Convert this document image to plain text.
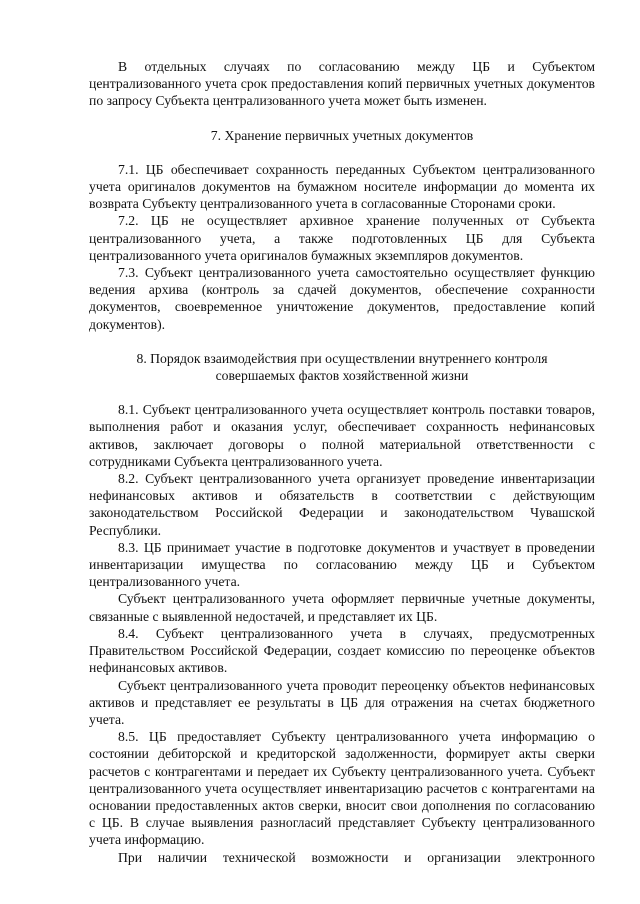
В отдельных случаях по согласованию между ЦБ и Субъектом централизованного учета срок предоставления копий первичных учетных документов по запросу Субъекта централизованного учета может быть изменен.

7. Хранение первичных учетных документов

7.1. ЦБ обеспечивает сохранность переданных Субъектом централизованного учета оригиналов документов на бумажном носителе информации до момента их возврата Субъекту централизованного учета в согласованные Сторонами сроки.

7.2. ЦБ не осуществляет архивное хранение полученных от Субъекта централизованного учета, а также подготовленных ЦБ для Субъекта централизованного учета оригиналов бумажных экземпляров документов.

7.3. Субъект централизованного учета самостоятельно осуществляет функцию ведения архива (контроль за сдачей документов, обеспечение сохранности документов, своевременное уничтожение документов, предоставление копий документов).

8. Порядок взаимодействия при осуществлении внутреннего контроля

совершаемых фактов хозяйственной жизни

8.1. Субъект централизованного учета осуществляет контроль поставки товаров, выполнения работ и оказания услуг, обеспечивает сохранность нефинансовых активов, заключает договоры о полной материальной ответственности с сотрудниками Субъекта централизованного учета.

8.2. Субъект централизованного учета организует проведение инвентаризации нефинансовых активов и обязательств в соответствии с действующим законодательством Российской Федерации и законодательством Чувашской Республики.

8.3. ЦБ принимает участие в подготовке документов и участвует в проведении инвентаризации имущества по согласованию между ЦБ и Субъектом централизованного учета.

Субъект централизованного учета оформляет первичные учетные документы, связанные с выявленной недостачей, и представляет их ЦБ.

8.4. Субъект централизованного учета в случаях, предусмотренных Правительством Российской Федерации, создает комиссию по переоценке объектов нефинансовых активов.

Субъект централизованного учета проводит переоценку объектов нефинансовых активов и представляет ее результаты в ЦБ для отражения на счетах бюджетного учета.

8.5. ЦБ предоставляет Субъекту централизованного учета информацию о состоянии дебиторской и кредиторской задолженности, формирует акты сверки расчетов с контрагентами и передает их Субъекту централизованного учета. Субъект централизованного учета осуществляет инвентаризацию расчетов с контрагентами на основании предоставленных актов сверки, вносит свои дополнения по согласованию с ЦБ. В случае выявления разногласий представляет Субъекту централизованного учета информацию.

При наличии технической возможности и организации электронного
